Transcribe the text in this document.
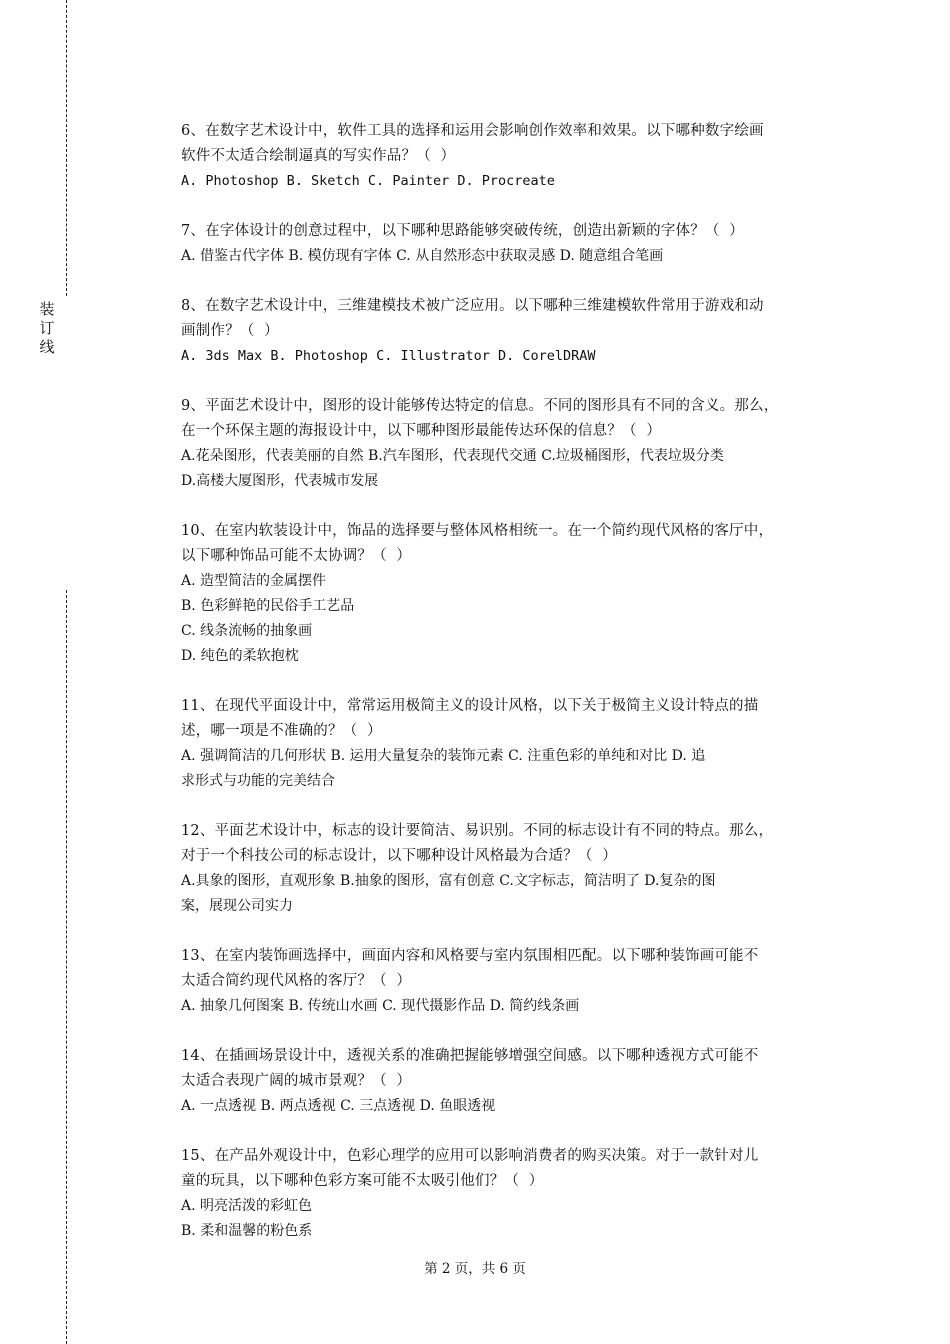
装
订
线
6、在数字艺术设计中，软件工具的选择和运用会影响创作效率和效果。以下哪种数字绘画
软件不太适合绘制逼真的写实作品？（  ）
A. Photoshop B. Sketch C. Painter D. Procreate
7、在字体设计的创意过程中，以下哪种思路能够突破传统，创造出新颖的字体？（  ）
A. 借鉴古代字体 B. 模仿现有字体 C. 从自然形态中获取灵感 D. 随意组合笔画
8、在数字艺术设计中，三维建模技术被广泛应用。以下哪种三维建模软件常用于游戏和动
画制作？（  ）
A. 3ds Max B. Photoshop C. Illustrator D. CorelDRAW
9、平面艺术设计中，图形的设计能够传达特定的信息。不同的图形具有不同的含义。那么，
在一个环保主题的海报设计中，以下哪种图形最能传达环保的信息？（  ）
A.花朵图形，代表美丽的自然 B.汽车图形，代表现代交通 C.垃圾桶图形，代表垃圾分类
D.高楼大厦图形，代表城市发展
10、在室内软装设计中，饰品的选择要与整体风格相统一。在一个简约现代风格的客厅中，
以下哪种饰品可能不太协调？（  ）
A. 造型简洁的金属摆件
B. 色彩鲜艳的民俗手工艺品
C. 线条流畅的抽象画
D. 纯色的柔软抱枕
11、在现代平面设计中，常常运用极简主义的设计风格，以下关于极简主义设计特点的描
述，哪一项是不准确的？（  ）
A. 强调简洁的几何形状 B. 运用大量复杂的装饰元素 C. 注重色彩的单纯和对比 D. 追
求形式与功能的完美结合
12、平面艺术设计中，标志的设计要简洁、易识别。不同的标志设计有不同的特点。那么，
对于一个科技公司的标志设计，以下哪种设计风格最为合适？（  ）
A.具象的图形，直观形象 B.抽象的图形，富有创意 C.文字标志，简洁明了 D.复杂的图
案，展现公司实力
13、在室内装饰画选择中，画面内容和风格要与室内氛围相匹配。以下哪种装饰画可能不
太适合简约现代风格的客厅？（  ）
A. 抽象几何图案 B. 传统山水画 C. 现代摄影作品 D. 简约线条画
14、在插画场景设计中，透视关系的准确把握能够增强空间感。以下哪种透视方式可能不
太适合表现广阔的城市景观？（  ）
A. 一点透视 B. 两点透视 C. 三点透视 D. 鱼眼透视
15、在产品外观设计中，色彩心理学的应用可以影响消费者的购买决策。对于一款针对儿
童的玩具，以下哪种色彩方案可能不太吸引他们？（  ）
A. 明亮活泼的彩虹色
B. 柔和温馨的粉色系
第 2 页，共 6 页
